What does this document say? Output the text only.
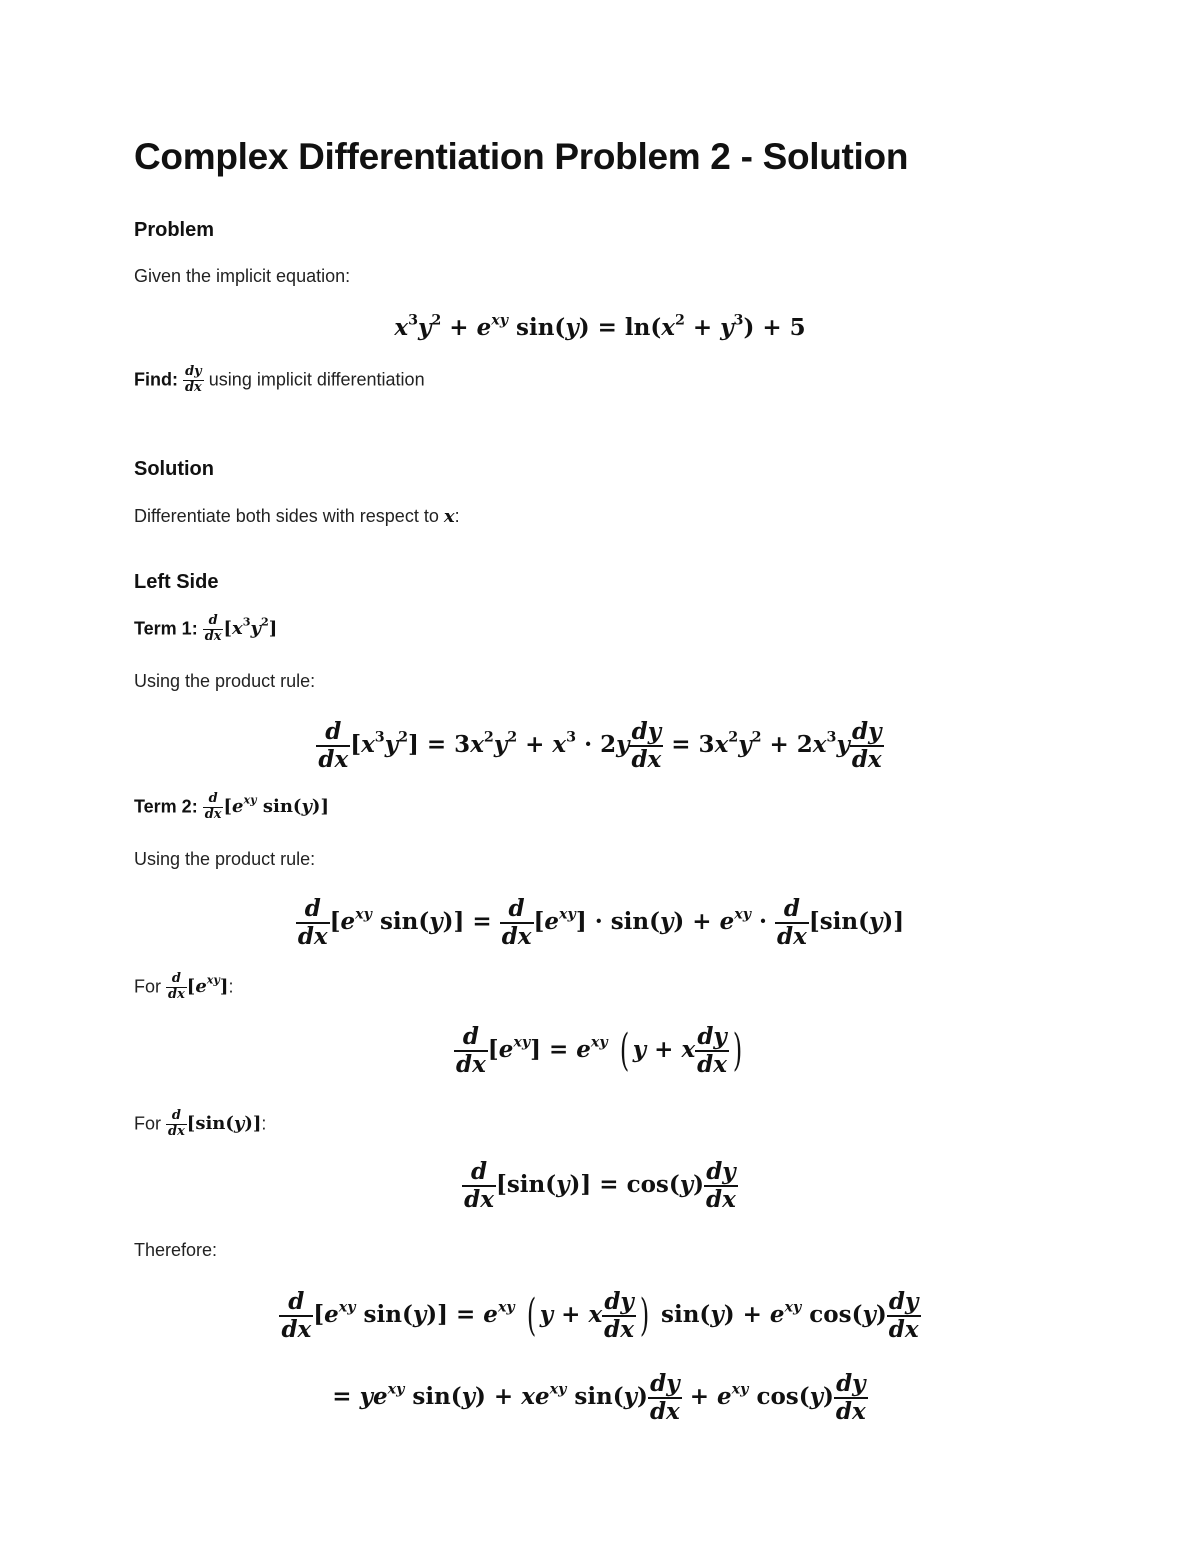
Complex Differentiation Problem 2 - Solution
Problem
Given the implicit equation:
$x^3y^2 + e^{xy}$ $\sin(y) = \ln(x^2 + y^3) + 5$
Find: $\frac{dy}{dx}$ using implicit differentiation
Solution
Differentiate both sides with respect to x:
Left Side
Term 1: $\frac{d}{dx} [x^3y^2]$
Using the product rule:
$\frac{d}{dx} [x^3y^2] = 3x^2y^2 + x^3 \cdot 2y \frac{dy}{dx} = 3x^2y^2 + 2x^3y \frac{dy}{dx}$
Term 2: $\frac{d}{dx} [e^{xy}$ sin(y)]
Using the product rule:
$\frac{d}{dx} [e^{xy}$ $\sin(y)] = \frac{d}{dx} [e^{xy}] \cdot \sin(y) + e^{xy} \cdot \frac{d}{dx} [\sin(y)]$
For $\frac{d}{dx} [e^{xy}]$:
$\frac{d}{dx} [e^{xy}] = e^{xy}$ ( y + x $\frac{dy}{dx}$ )
For $\frac{d}{dx} [\sin(y)]$:
$\frac{d}{dx} [\sin(y)] = \cos(y) \frac{dy}{dx}$
Therefore:
$\frac{d}{dx} [e^{xy}$ $\sin(y)] = e^{xy}$ ( y + x $\frac{dy}{dx}$ ) $\sin(y) + e^{xy}$ $\cos(y) \frac{dy}{dx}$
= $ye^{xy}$ $\sin(y) + xe^{xy}$ $\sin(y) \frac{dy}{dx} + e^{xy}$ $\cos(y) \frac{dy}{dx}$
